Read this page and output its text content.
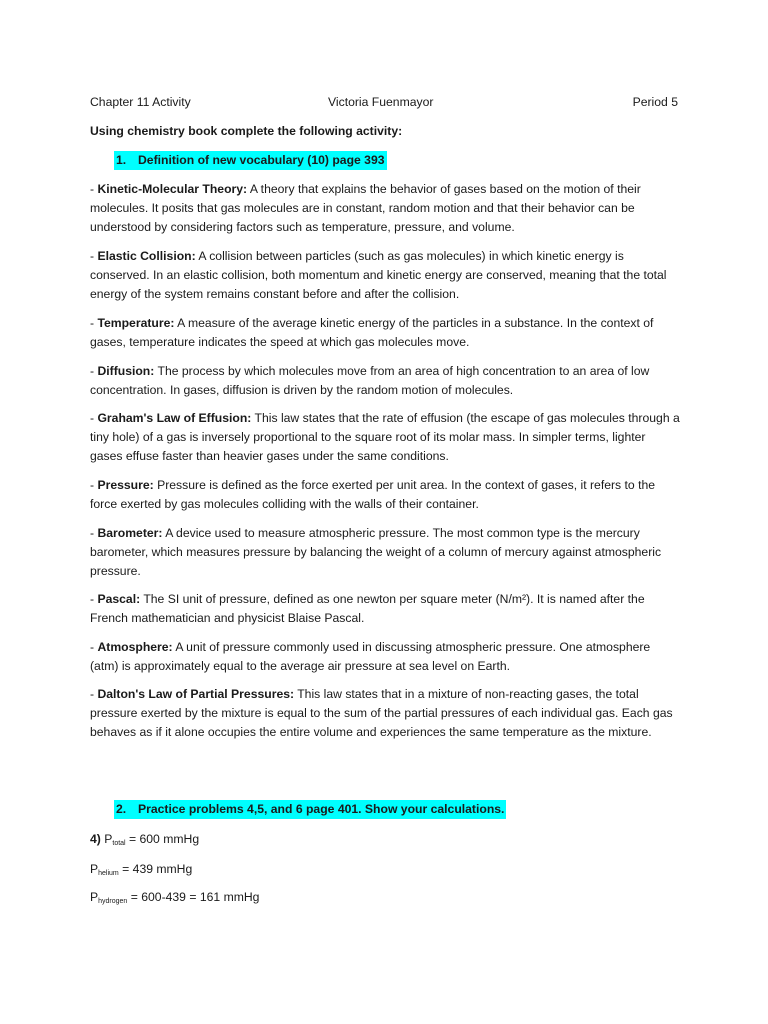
Chapter 11 Activity	Victoria Fuenmayor	Period 5
Using chemistry book complete the following activity:
1. Definition of new vocabulary (10) page 393
- Kinetic-Molecular Theory: A theory that explains the behavior of gases based on the motion of their molecules. It posits that gas molecules are in constant, random motion and that their behavior can be understood by considering factors such as temperature, pressure, and volume.
- Elastic Collision: A collision between particles (such as gas molecules) in which kinetic energy is conserved. In an elastic collision, both momentum and kinetic energy are conserved, meaning that the total energy of the system remains constant before and after the collision.
- Temperature: A measure of the average kinetic energy of the particles in a substance. In the context of gases, temperature indicates the speed at which gas molecules move.
- Diffusion: The process by which molecules move from an area of high concentration to an area of low concentration. In gases, diffusion is driven by the random motion of molecules.
- Graham's Law of Effusion: This law states that the rate of effusion (the escape of gas molecules through a tiny hole) of a gas is inversely proportional to the square root of its molar mass. In simpler terms, lighter gases effuse faster than heavier gases under the same conditions.
- Pressure: Pressure is defined as the force exerted per unit area. In the context of gases, it refers to the force exerted by gas molecules colliding with the walls of their container.
- Barometer: A device used to measure atmospheric pressure. The most common type is the mercury barometer, which measures pressure by balancing the weight of a column of mercury against atmospheric pressure.
- Pascal: The SI unit of pressure, defined as one newton per square meter (N/m²). It is named after the French mathematician and physicist Blaise Pascal.
- Atmosphere: A unit of pressure commonly used in discussing atmospheric pressure. One atmosphere (atm) is approximately equal to the average air pressure at sea level on Earth.
- Dalton's Law of Partial Pressures: This law states that in a mixture of non-reacting gases, the total pressure exerted by the mixture is equal to the sum of the partial pressures of each individual gas. Each gas behaves as if it alone occupies the entire volume and experiences the same temperature as the mixture.
2. Practice problems 4,5, and 6 page 401. Show your calculations.
4) $P_{total} = 600$ mmHg
$P_{helium} = 439$ mmHg
$P_{hydrogen} = 600-439 = 161$ mmHg
